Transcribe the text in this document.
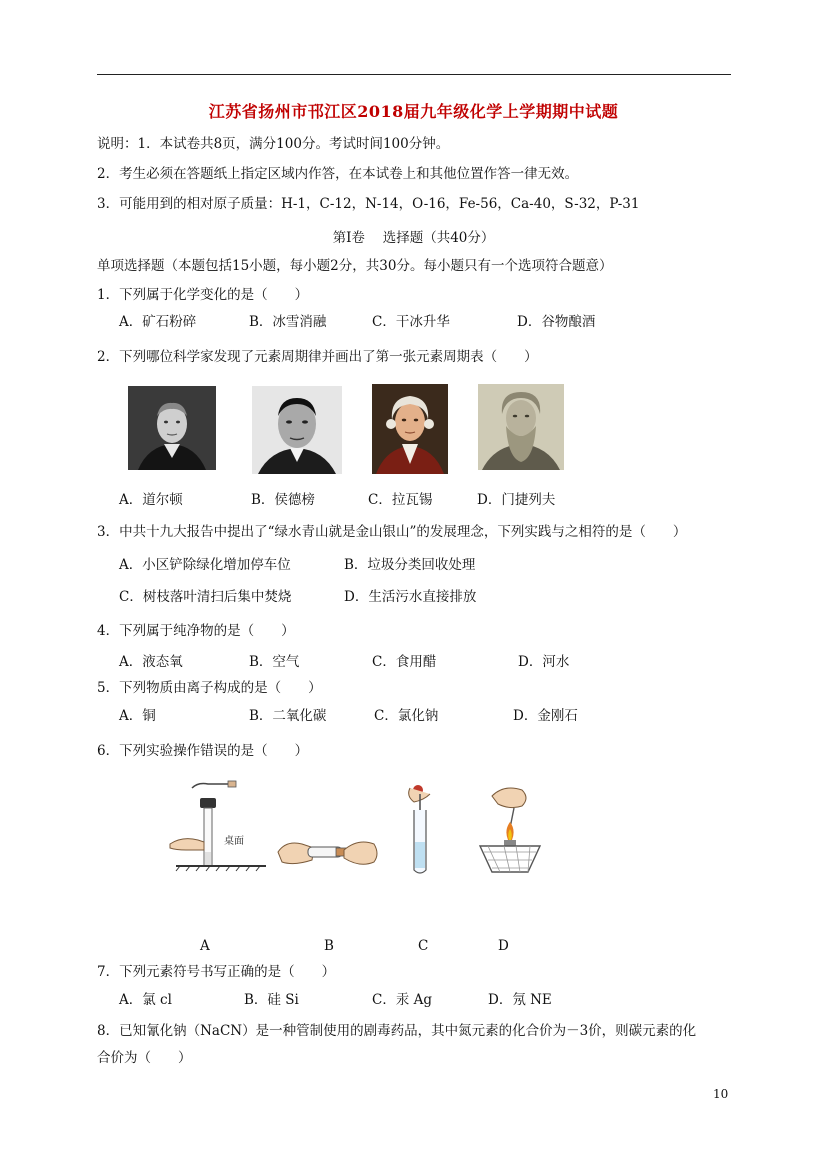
江苏省扬州市邗江区2018届九年级化学上学期期中试题
说明：1．本试卷共8页，满分100分。考试时间100分钟。
2．考生必须在答题纸上指定区域内作答，在本试卷上和其他位置作答一律无效。
3．可能用到的相对原子质量：H-1，C-12，N-14，O-16，Fe-56，Ca-40，S-32，P-31
第Ⅰ卷　 选择题（共40分）
单项选择题（本题包括15小题，每小题2分，共30分。每小题只有一个选项符合题意）
1．下列属于化学变化的是（　　）
A．矿石粉碎	B．冰雪消融	C．干冰升华	D．谷物酿酒
2．下列哪位科学家发现了元素周期律并画出了第一张元素周期表（　　）
A．道尔顿	B．侯德榜	C．拉瓦锡	D．门捷列夫
3．中共十九大报告中提出了“绿水青山就是金山银山”的发展理念，下列实践与之相符的是（　　）
A．小区铲除绿化增加停车位	B．垃圾分类回收处理
C．树枝落叶清扫后集中焚烧	D．生活污水直接排放
4．下列属于纯净物的是（　　）
A．液态氧	B．空气	C．食用醋	D．河水
5．下列物质由离子构成的是（　　）
A．铜	B．二氧化碳	C．氯化钠	D．金刚石
6．下列实验操作错误的是（　　）
桌面
A	B	C	D
7．下列元素符号书写正确的是（　　）
A．氯 cl	B．硅 Si	C．汞 Ag	D．氖 NE
8．已知氰化钠（NaCN）是一种管制使用的剧毒药品，其中氮元素的化合价为－3价，则碳元素的化
合价为（　　）
10
